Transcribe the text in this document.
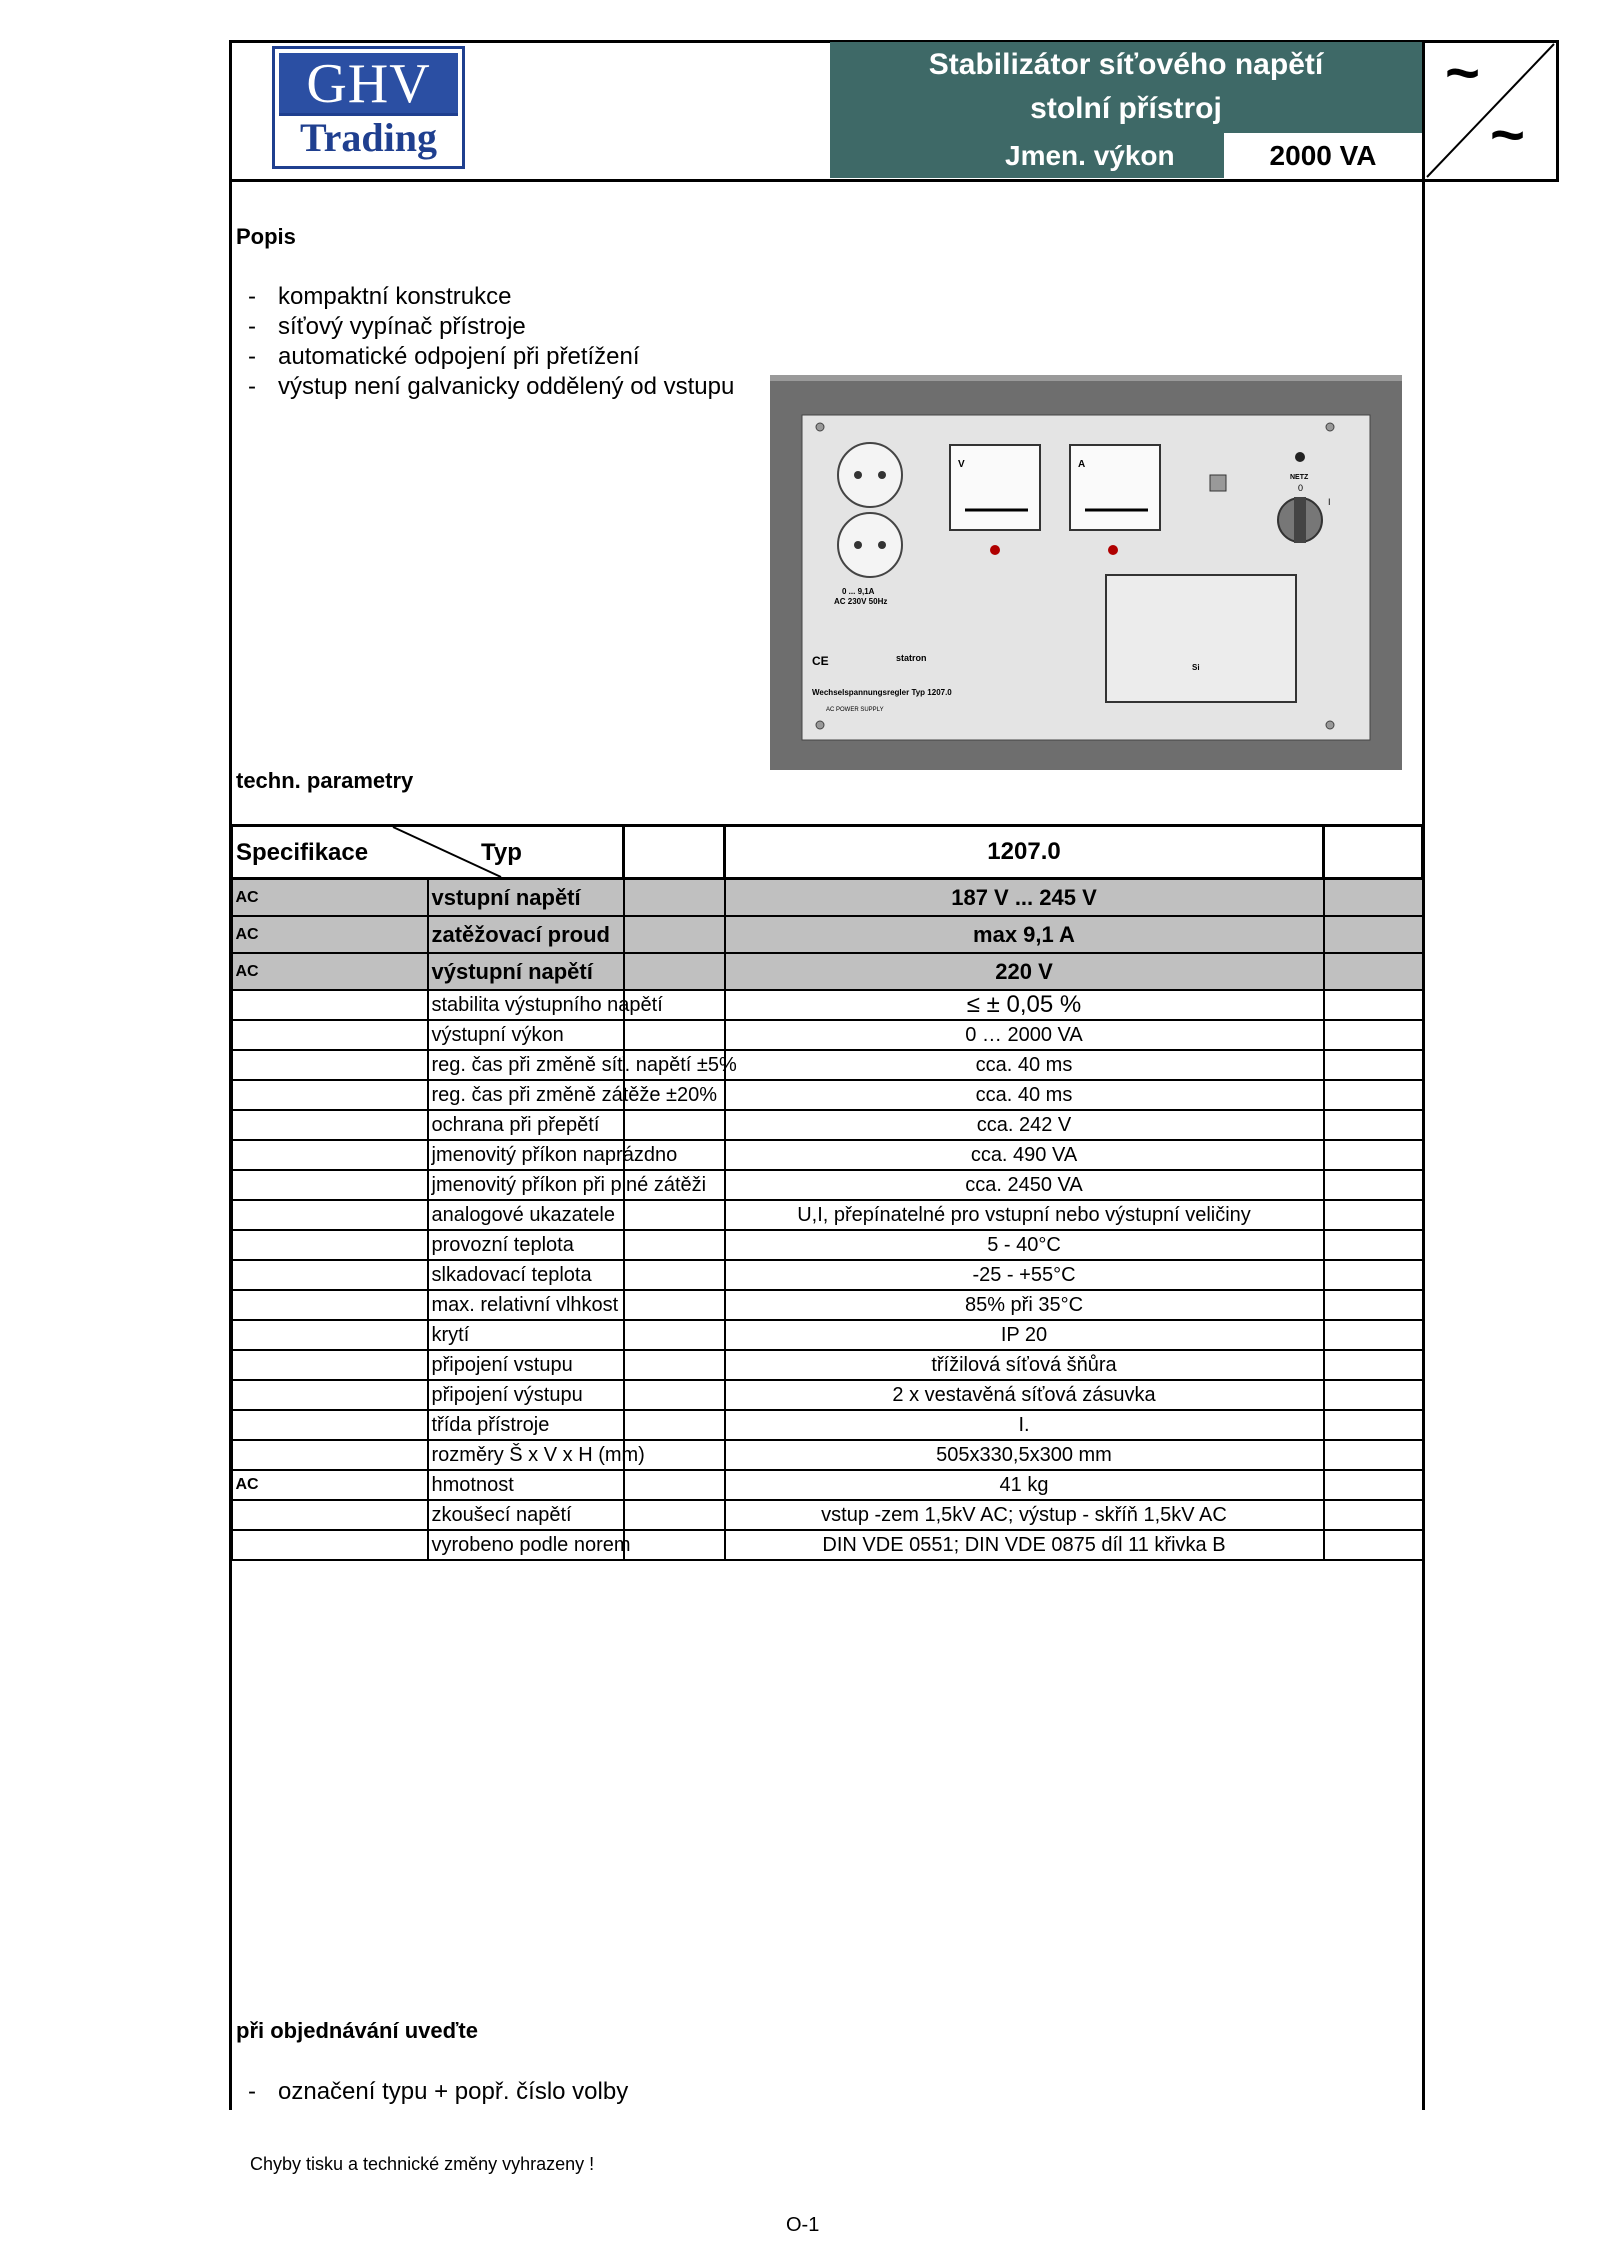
GHV
Trading
Stabilizátor síťového napětí
stolní přístroj
Jmen. výkon	2000 VA
~
~
Popis
- kompaktní konstrukce
- síťový vypínač přístroje
- automatické odpojení při přetížení
- výstup není galvanicky oddělený od vstupu
0 ... 9,1A
AC 230V 50Hz
V	A
NETZ
0
I
Si
CE	statron
Wechselspannungsregler Typ 1207.0
AC POWER SUPPLY
techn. parametry
Specifikace Typ			1207.0	
AC	vstupní napětí		187 V ... 245 V	
AC	zatěžovací proud		max 9,1 A	
AC	výstupní napětí		220 V	
	stabilita výstupního napětí		≤ ± 0,05 %	
	výstupní výkon		0 … 2000 VA	
	reg. čas při změně síť. napětí ±5%		cca. 40 ms	
	reg. čas při změně zátěže ±20%		cca. 40 ms	
	ochrana při přepětí		cca. 242 V	
	jmenovitý příkon naprázdno		cca. 490 VA	
	jmenovitý příkon při plné zátěži		cca. 2450 VA	
	analogové ukazatele		U,I, přepínatelné pro vstupní nebo výstupní veličiny	
	provozní teplota		5 - 40°C	
	slkadovací teplota		-25 - +55°C	
	max. relativní vlhkost		85% při 35°C	
	krytí		IP 20	
	připojení vstupu		třížilová síťová šňůra	
	připojení výstupu		2 x vestavěná síťová zásuvka	
	třída přístroje		I.	
	rozměry Š x V x H (mm)		505x330,5x300 mm	
AC	hmotnost		41 kg	
	zkoušecí napětí		vstup -zem 1,5kV AC; výstup - skříň 1,5kV AC	
	vyrobeno podle norem		DIN VDE 0551; DIN VDE 0875 díl 11 křivka B	
při objednávání uveďte
- označení typu + popř. číslo volby
Chyby tisku a technické změny vyhrazeny !
O-1
